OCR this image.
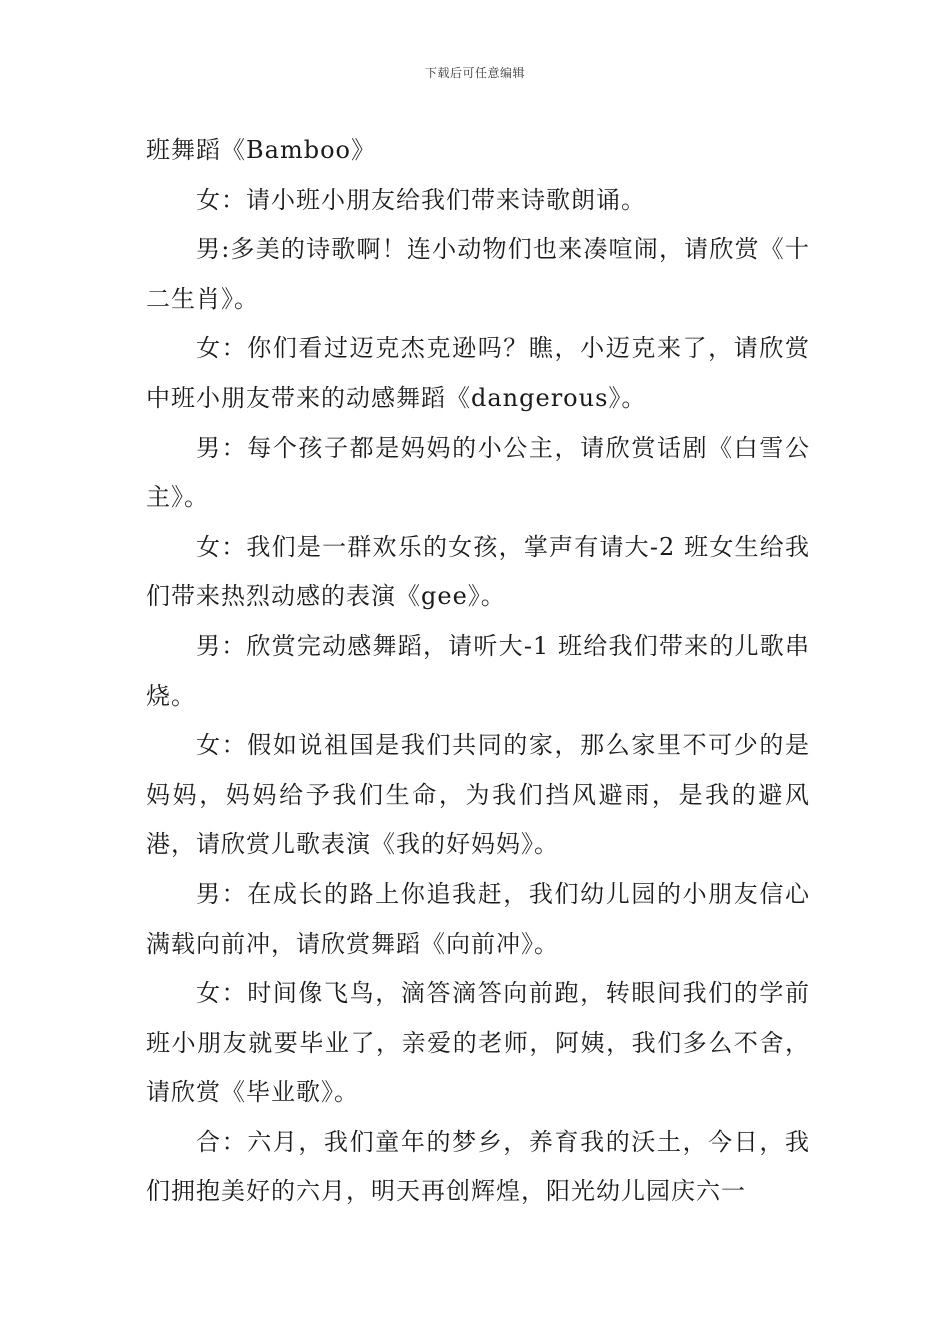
下载后可任意编辑

班舞蹈《Bamboo》

女：请小班小朋友给我们带来诗歌朗诵。

男:多美的诗歌啊！连小动物们也来凑喧闹，请欣赏《十二生肖》。

女：你们看过迈克杰克逊吗？瞧，小迈克来了，请欣赏中班小朋友带来的动感舞蹈《dangerous》。

男：每个孩子都是妈妈的小公主，请欣赏话剧《白雪公主》。

女：我们是一群欢乐的女孩，掌声有请大-2 班女生给我们带来热烈动感的表演《gee》。

男：欣赏完动感舞蹈，请听大-1 班给我们带来的儿歌串烧。

女：假如说祖国是我们共同的家，那么家里不可少的是妈妈，妈妈给予我们生命，为我们挡风避雨，是我的避风港，请欣赏儿歌表演《我的好妈妈》。

男：在成长的路上你追我赶，我们幼儿园的小朋友信心满载向前冲，请欣赏舞蹈《向前冲》。

女：时间像飞鸟，滴答滴答向前跑，转眼间我们的学前班小朋友就要毕业了，亲爱的老师，阿姨，我们多么不舍，请欣赏《毕业歌》。

合：六月，我们童年的梦乡，养育我的沃土，今日，我们拥抱美好的六月，明天再创辉煌，阳光幼儿园庆六一
